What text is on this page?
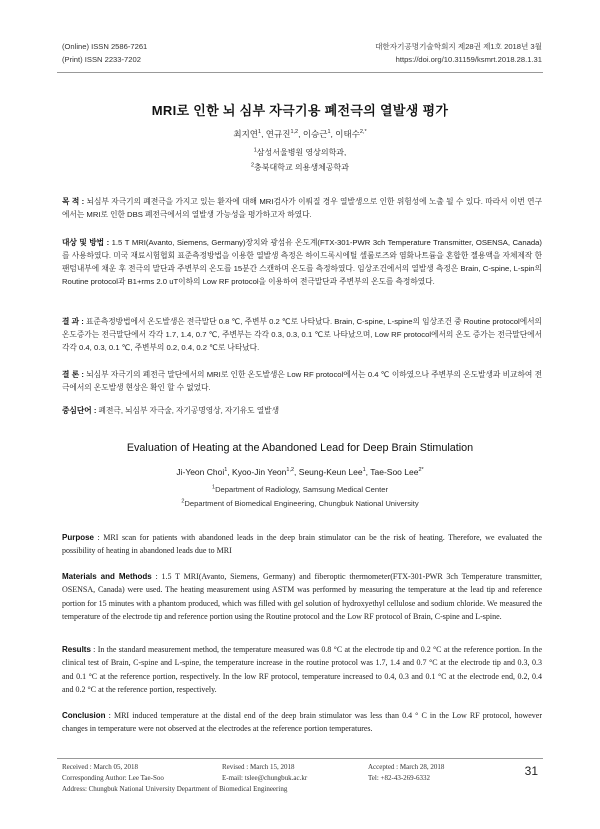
(Online) ISSN 2586-7261
(Print) ISSN 2233-7202
대한자기공명기술학회지 제28권 제1호 2018년 3월
https://doi.org/10.31159/ksmrt.2018.28.1.31
MRI로 인한 뇌 심부 자극기용 폐전극의 열발생 평가
최지연$^1$, 연규진$^{1,2}$, 이승근$^1$, 이태수$^{2,*}$
$^1$삼성서울병원 영상의학과,
$^2$충북대학교 의용생체공학과
목 적 : 뇌심부 자극기의 폐전극을 가지고 있는 환자에 대해 MRI검사가 이뤄질 경우 열발생으로 인한 위험성에 노출 될 수 있다. 따라서 이번 연구에서는 MRI로 인한 DBS 폐전극에서의 열발생 가능성을 평가하고자 하였다.
대상 및 방법 : 1.5 T MRI(Avanto, Siemens, Germany)장치와 광섬유 온도계(FTX-301-PWR 3ch Temperature Transmitter, OSENSA, Canada)를 사용하였다. 미국 재료시험협회 표준측정방법을 이용한 열발생 측정은 하이드록시에틸 셀룰로즈와 염화나트륨을 혼합한 젤용액을 자체제작 한 팬텀내부에 채운 후 전극의 말단과 주변부의 온도를 15분간 스캔하며 온도를 측정하였다. 임상조건에서의 열발생 측정은 Brain, C-spine, L-spin의 Routine protocol과 B1+rms 2.0 uT이하의 Low RF protocol을 이용하여 전극말단과 주변부의 온도를 측정하였다.
결 과 : 표준측정방법에서 온도발생은 전극말단 0.8 ℃, 주변부 0.2 ℃로 나타났다. Brain, C-spine, L-spine의 임상조건 중 Routine protocol에서의 온도증가는 전극말단에서 각각 1.7, 1.4, 0.7 ℃, 주변부는 각각 0.3, 0.3, 0.1 ℃로 나타났으며, Low RF protocol에서의 온도 증가는 전극말단에서 각각 0.4, 0.3, 0.1 ℃, 주변부의 0.2, 0.4, 0.2 ℃로 나타났다.
결 론 : 뇌심부 자극기의 폐전극 말단에서의 MRI로 인한 온도발생은 Low RF protocol에서는 0.4 ℃ 이하였으나 주변부의 온도발생과 비교하여 전극에서의 온도발생 현상은 확인 할 수 없었다.
중심단어 : 폐전극, 뇌심부 자극술, 자기공명영상, 자기유도 열발생
Evaluation of Heating at the Abandoned Lead for Deep Brain Stimulation
Ji-Yeon Choi$^1$, Kyoo-Jin Yeon$^{1,2}$, Seung-Keun Lee$^1$, Tae-Soo Lee$^{2*}$
$^1$Department of Radiology, Samsung Medical Center
$^2$Department of Biomedical Engineering, Chungbuk National University
Purpose : MRI scan for patients with abandoned leads in the deep brain stimulator can be the risk of heating. Therefore, we evaluated the possibility of heating in abandoned leads due to MRI
Materials and Methods : 1.5 T MRI(Avanto, Siemens, Germany) and fiberoptic thermometer(FTX-301-PWR 3ch Temperature transmitter, OSENSA, Canada) were used. The heating measurement using ASTM was performed by measuring the temperature at the lead tip and reference portion for 15 minutes with a phantom produced, which was filled with gel solution of hydroxyethyl cellulose and sodium chloride. We measured the temperature of the electrode tip and reference portion using the Routine protocol and the Low RF protocol of Brain, C-spine and L-spine.
Results : In the standard measurement method, the temperature measured was 0.8 °C at the electrode tip and 0.2 °C at the reference portion. In the clinical test of Brain, C-spine and L-spine, the temperature increase in the routine protocol was 1.7, 1.4 and 0.7 °C at the electrode tip and 0.3, 0.3 and 0.1 °C at the reference portion, respectively. In the low RF protocol, temperature increased to 0.4, 0.3 and 0.1 °C at the electrode end, 0.2, 0.4 and 0.2 °C at the reference portion, respectively.
Conclusion : MRI induced temperature at the distal end of the deep brain stimulator was less than 0.4 ° C in the Low RF protocol, however changes in temperature were not observed at the electrodes at the reference portion temperatures.
Received : March 05, 2018
Corresponding Author: Lee Tae-Soo
Address: Chungbuk National University Department of Biomedical Engineering
Revised : March 15, 2018
E-mail: tslee@chungbuk.ac.kr
Accepted : March 28, 2018
Tel: +82-43-269-6332	31
